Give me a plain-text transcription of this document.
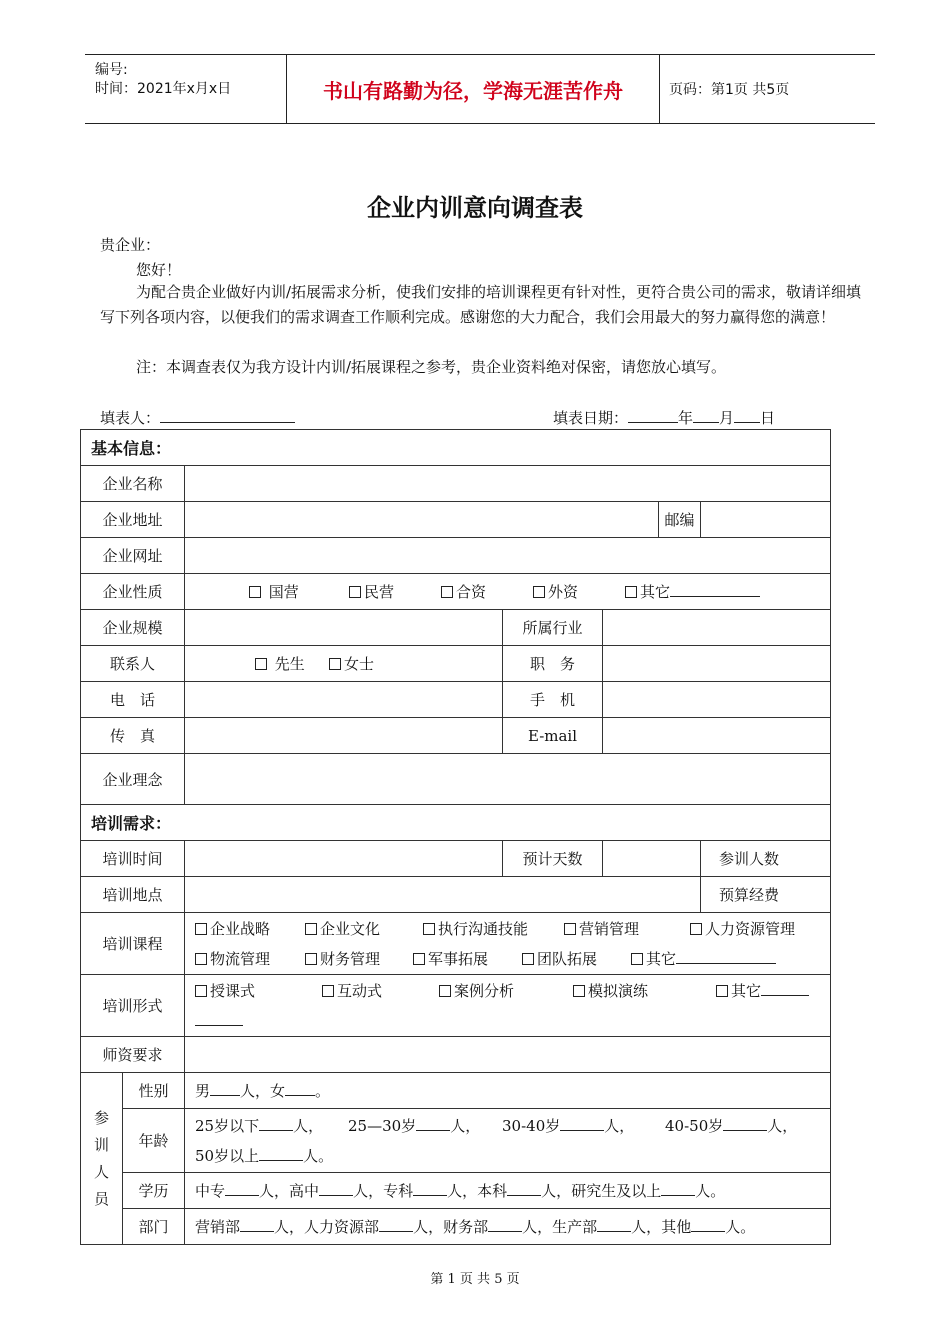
编号:
时间：2021年x月x日	书山有路勤为径，学海无涯苦作舟	页码：第1页 共5页
企业内训意向调查表
贵企业：
您好！
为配合贵企业做好内训/拓展需求分析，使我们安排的培训课程更有针对性，更符合贵公司的需求，敬请详细填写下列各项内容，以便我们的需求调查工作顺利完成。感谢您的大力配合，我们会用最大的努力赢得您的满意！
注：本调查表仅为我方设计内训/拓展课程之参考，贵企业资料绝对保密，请您放心填写。
填表人：	填表日期：	年 月 日
基本信息：						
企业名称						
企业地址					邮编	
企业网址						
企业性质		国营 民营 合资 外资 其它				
企业规模			所属行业			
联系人		先生 女士	职　务			
电　话			手　机			
传　真			E-mail			
企业理念						
培训需求：						
培训时间			预计天数			参训人数
培训地点						预算经费
培训课程		企业战略 企业文化 执行沟通技能 营销管理 人力资源管理
物流管理 财务管理 军事拓展 团队拓展 其它				

培训形式		授课式 互动式 案例分析 模拟演练 其它				

师资要求						

参
训
人
员	性别	男 人，女 。				
	年龄	25岁以下 人， 25—30岁 人， 30-40岁 人， 40-50岁 人，
50岁以上 人。				

	学历	中专 人，高中 人，专科 人，本科 人，研究生及以上 人。				
	部门	营销部 人，人力资源部 人，财务部 人，生产部 人，其他 人。				
第 1 页 共 5 页
